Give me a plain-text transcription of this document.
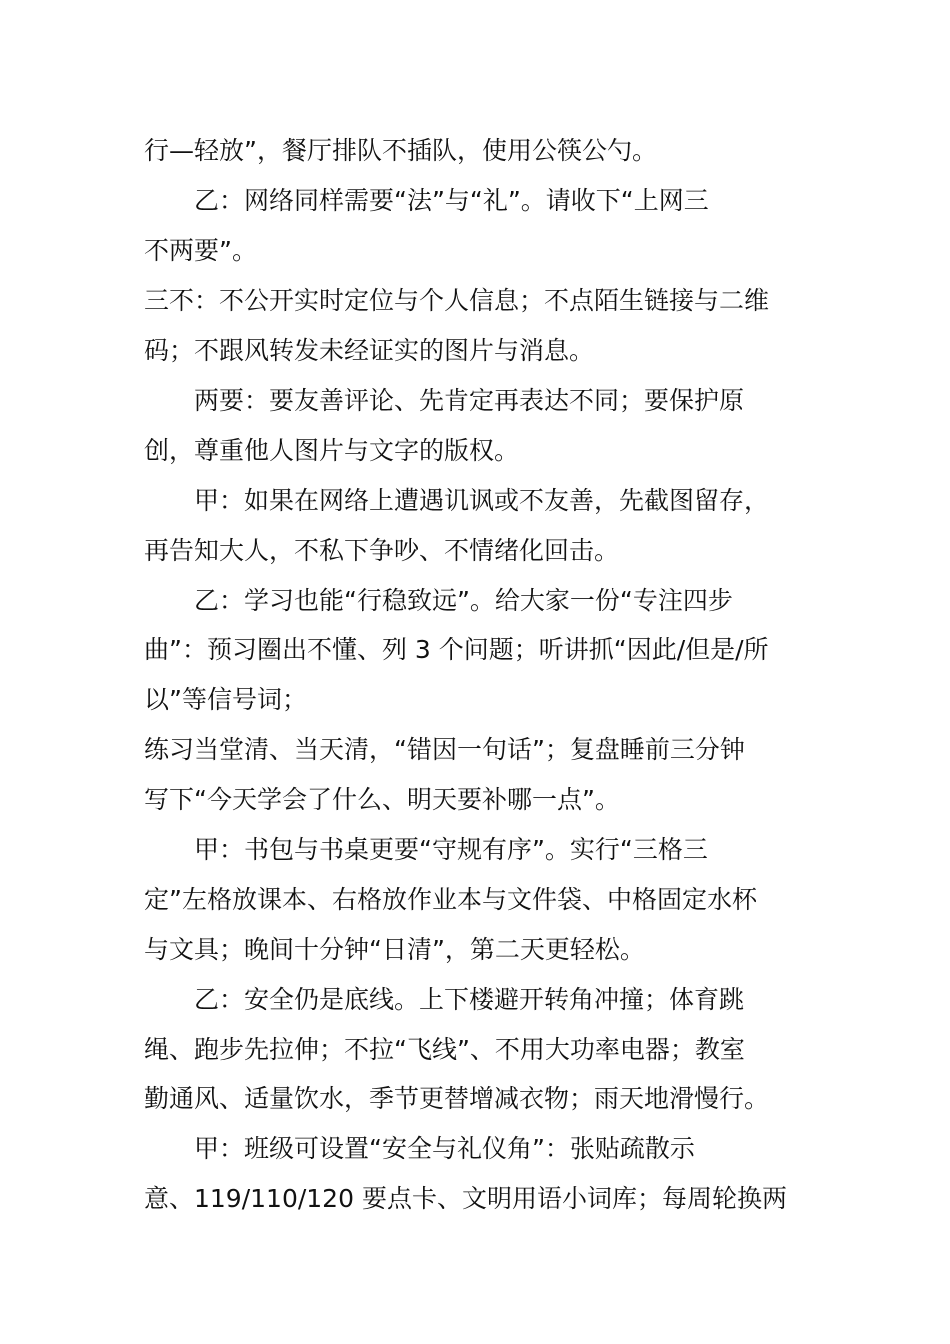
行—轻放”，餐厅排队不插队，使用公筷公勺。

乙：网络同样需要“法”与“礼”。请收下“上网三

不两要”。

三不：不公开实时定位与个人信息；不点陌生链接与二维

码；不跟风转发未经证实的图片与消息。

两要：要友善评论、先肯定再表达不同；要保护原

创，尊重他人图片与文字的版权。

甲：如果在网络上遭遇讥讽或不友善，先截图留存，

再告知大人，不私下争吵、不情绪化回击。

乙：学习也能“行稳致远”。给大家一份“专注四步

曲”：预习圈出不懂、列 3 个问题；听讲抓“因此/但是/所

以”等信号词；

练习当堂清、当天清，“错因一句话”；复盘睡前三分钟

写下“今天学会了什么、明天要补哪一点”。

甲：书包与书桌更要“守规有序”。实行“三格三

定”左格放课本、右格放作业本与文件袋、中格固定水杯

与文具；晚间十分钟“日清”，第二天更轻松。

乙：安全仍是底线。上下楼避开转角冲撞；体育跳

绳、跑步先拉伸；不拉“飞线”、不用大功率电器；教室

勤通风、适量饮水，季节更替增减衣物；雨天地滑慢行。

甲：班级可设置“安全与礼仪角”：张贴疏散示

意、119/110/120 要点卡、文明用语小词库；每周轮换两
